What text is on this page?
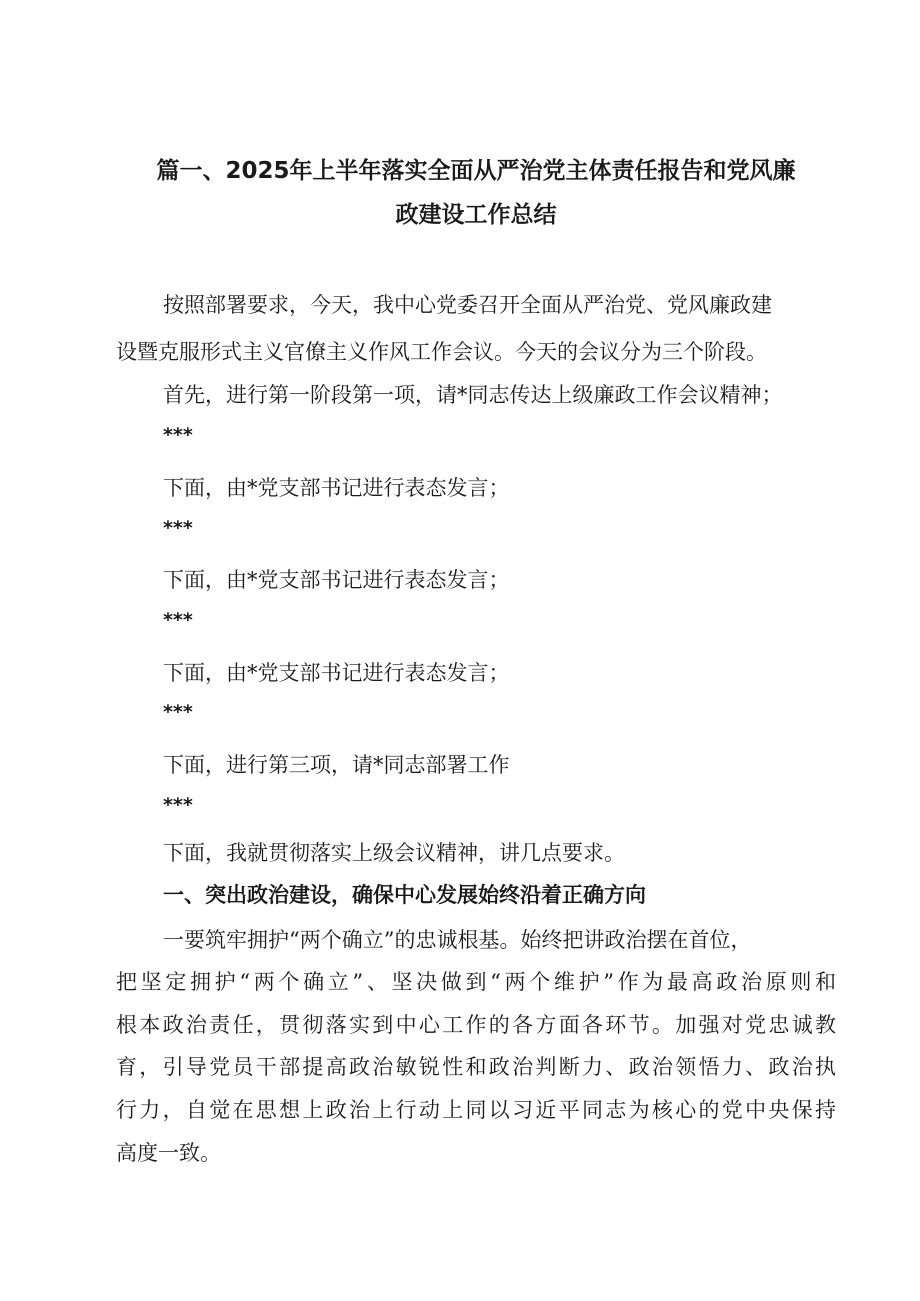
篇一、2025年上半年落实全面从严治党主体责任报告和党风廉
政建设工作总结
按照部署要求，今天，我中心党委召开全面从严治党、党风廉政建
设暨克服形式主义官僚主义作风工作会议。今天的会议分为三个阶段。
首先，进行第一阶段第一项，请*同志传达上级廉政工作会议精神；
***
下面，由*党支部书记进行表态发言；
***
下面，由*党支部书记进行表态发言；
***
下面，由*党支部书记进行表态发言；
***
下面，进行第三项，请*同志部署工作
***
下面，我就贯彻落实上级会议精神，讲几点要求。
一、突出政治建设，确保中心发展始终沿着正确方向
一要筑牢拥护“两个确立”的忠诚根基。始终把讲政治摆在首位，
把坚定拥护“两个确立”、坚决做到“两个维护”作为最高政治原则和
根本政治责任，贯彻落实到中心工作的各方面各环节。加强对党忠诚教
育，引导党员干部提高政治敏锐性和政治判断力、政治领悟力、政治执
行力，自觉在思想上政治上行动上同以习近平同志为核心的党中央保持
高度一致。
